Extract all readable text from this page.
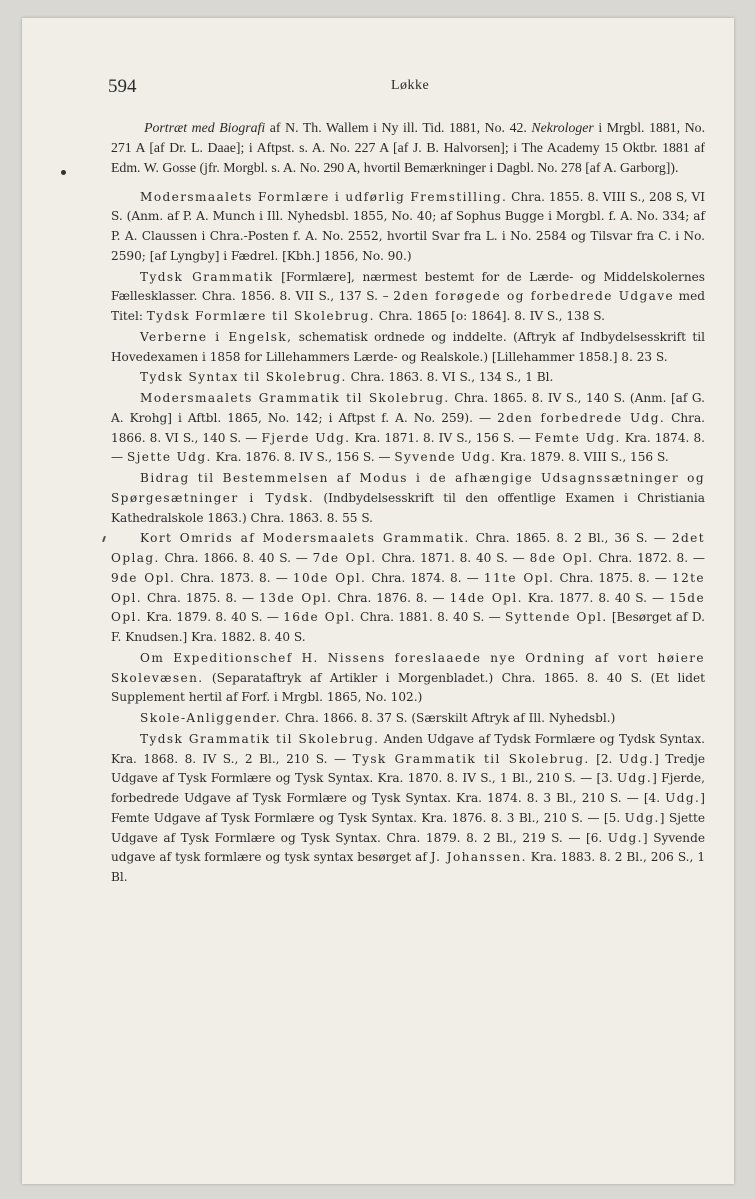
594	Løkke

Portræt med Biografi af N. Th. Wallem i Ny ill. Tid. 1881, No. 42. Nekrologer i Mrgbl. 1881, No. 271 A [af Dr. L. Daae]; i Aftpst. s. A. No. 227 A [af J. B. Halvorsen]; i The Academy 15 Oktbr. 1881 af Edm. W. Gosse (jfr. Morgbl. s. A. No. 290 A, hvortil Bemærkninger i Dagbl. No. 278 [af A. Garborg]).

Modersmaalets Formlære i udførlig Fremstilling. Chra. 1855. 8. VIII S., 208 S, VI S. (Anm. af P. A. Munch i Ill. Nyhedsbl. 1855, No. 40; af Sophus Bugge i Morgbl. f. A. No. 334; af P. A. Claussen i Chra.-Posten f. A. No. 2552, hvortil Svar fra L. i No. 2584 og Tilsvar fra C. i No. 2590; [af Lyngby] i Fædrel. [Kbh.] 1856, No. 90.)

Tydsk Grammatik [Formlære], nærmest bestemt for de Lærde- og Middelskolernes Fællesklasser. Chra. 1856. 8. VII S., 137 S. – 2den forøgede og forbedrede Udgave med Titel: Tydsk Formlære til Skolebrug. Chra. 1865 [o: 1864]. 8. IV S., 138 S.

Verberne i Engelsk, schematisk ordnede og inddelte. (Aftryk af Indbydelsesskrift til Hovedexamen i 1858 for Lillehammers Lærde- og Realskole.) [Lillehammer 1858.] 8. 23 S.

Tydsk Syntax til Skolebrug. Chra. 1863. 8. VI S., 134 S., 1 Bl.

Modersmaalets Grammatik til Skolebrug. Chra. 1865. 8. IV S., 140 S. (Anm. [af G. A. Krohg] i Aftbl. 1865, No. 142; i Aftpst f. A. No. 259). — 2den forbedrede Udg. Chra. 1866. 8. VI S., 140 S. — Fjerde Udg. Kra. 1871. 8. IV S., 156 S. — Femte Udg. Kra. 1874. 8. — Sjette Udg. Kra. 1876. 8. IV S., 156 S. — Syvende Udg. Kra. 1879. 8. VIII S., 156 S.

Bidrag til Bestemmelsen af Modus i de afhængige Udsagnssætninger og Spørgesætninger i Tydsk. (Indbydelsesskrift til den offentlige Examen i Christiania Kathedralskole 1863.) Chra. 1863. 8. 55 S.

Kort Omrids af Modersmaalets Grammatik. Chra. 1865. 8. 2 Bl., 36 S. — 2det Oplag. Chra. 1866. 8. 40 S. — 7de Opl. Chra. 1871. 8. 40 S. — 8de Opl. Chra. 1872. 8. — 9de Opl. Chra. 1873. 8. — 10de Opl. Chra. 1874. 8. — 11te Opl. Chra. 1875. 8. — 12te Opl. Chra. 1875. 8. — 13de Opl. Chra. 1876. 8. — 14de Opl. Kra. 1877. 8. 40 S. — 15de Opl. Kra. 1879. 8. 40 S. — 16de Opl. Chra. 1881. 8. 40 S. — Syttende Opl. [Besørget af D. F. Knudsen.] Kra. 1882. 8. 40 S.

Om Expeditionschef H. Nissens foreslaaede nye Ordning af vort høiere Skolevæsen. (Separataftryk af Artikler i Morgenbladet.) Chra. 1865. 8. 40 S. (Et lidet Supplement hertil af Forf. i Mrgbl. 1865, No. 102.)

Skole-Anliggender. Chra. 1866. 8. 37 S. (Særskilt Aftryk af Ill. Nyhedsbl.)

Tydsk Grammatik til Skolebrug. Anden Udgave af Tydsk Formlære og Tydsk Syntax. Kra. 1868. 8. IV S., 2 Bl., 210 S. — Tysk Grammatik til Skolebrug. [2. Udg.] Tredje Udgave af Tysk Formlære og Tysk Syntax. Kra. 1870. 8. IV S., 1 Bl., 210 S. — [3. Udg.] Fjerde, forbedrede Udgave af Tysk Formlære og Tysk Syntax. Kra. 1874. 8. 3 Bl., 210 S. — [4. Udg.] Femte Udgave af Tysk Formlære og Tysk Syntax. Kra. 1876. 8. 3 Bl., 210 S. — [5. Udg.] Sjette Udgave af Tysk Formlære og Tysk Syntax. Chra. 1879. 8. 2 Bl., 219 S. — [6. Udg.] Syvende udgave af tysk formlære og tysk syntax besørget af J. Johanssen. Kra. 1883. 8. 2 Bl., 206 S., 1 Bl.
